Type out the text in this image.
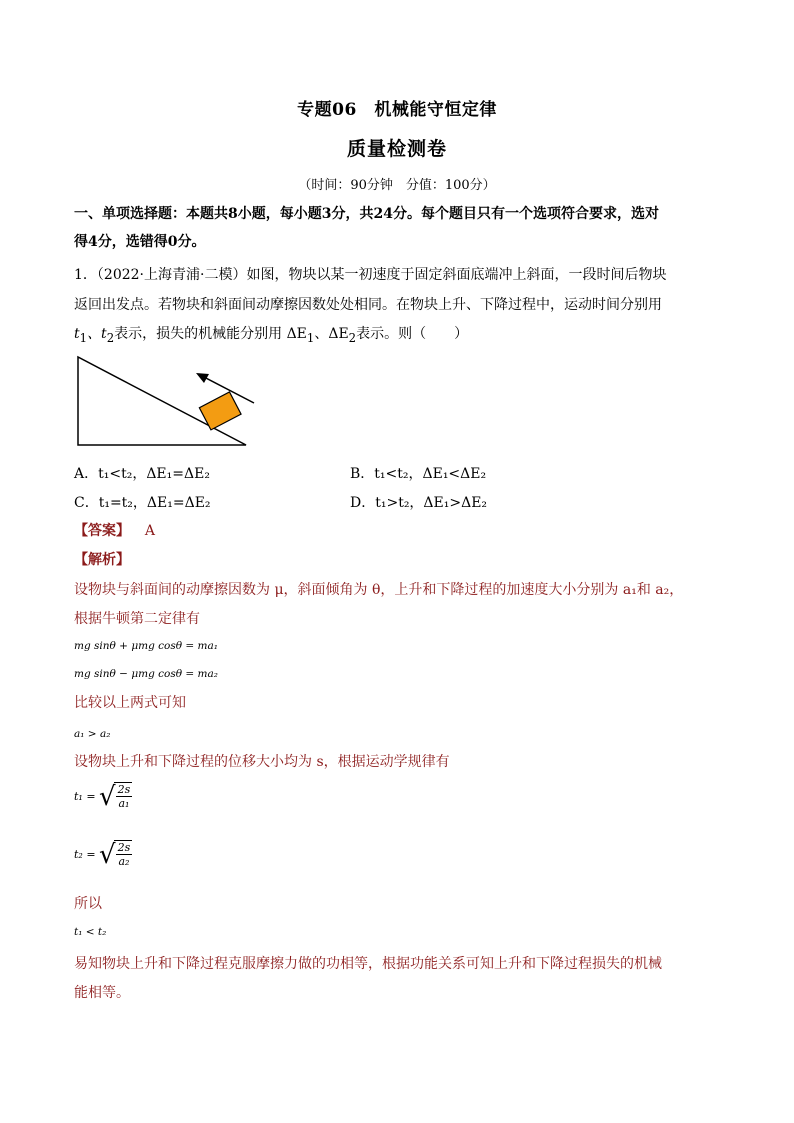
专题06　机械能守恒定律
质量检测卷
（时间：90分钟　分值：100分）
一、单项选择题：本题共8小题，每小题3分，共24分。每个题目只有一个选项符合要求，选对
得4分，选错得0分。
1．（2022·上海青浦·二模）如图，物块以某一初速度于固定斜面底端冲上斜面，一段时间后物块
返回出发点。若物块和斜面间动摩擦因数处处相同。在物块上升、下降过程中，运动时间分别用
$t_1$、$t_2$表示，损失的机械能分别用 $\Delta E_1$、$\Delta E_2$表示。则（　　）
A．t₁<t₂，ΔE₁=ΔE₂	B．t₁<t₂，ΔE₁<ΔE₂
C．t₁=t₂，ΔE₁=ΔE₂	D．t₁>t₂，ΔE₁>ΔE₂
【答案】 A
【解析】
设物块与斜面间的动摩擦因数为 μ，斜面倾角为 θ，上升和下降过程的加速度大小分别为 a₁和 a₂，
根据牛顿第二定律有
mg sinθ + μmg cosθ = ma₁
mg sinθ − μmg cosθ = ma₂
比较以上两式可知
a₁ > a₂
设物块上升和下降过程的位移大小均为 s，根据运动学规律有
t₁ = √ $\frac{2s}{\text{a₁}}$
t₂ = √ $\frac{2s}{\text{a₂}}$
所以
t₁ < t₂
易知物块上升和下降过程克服摩擦力做的功相等，根据功能关系可知上升和下降过程损失的机械
能相等。
